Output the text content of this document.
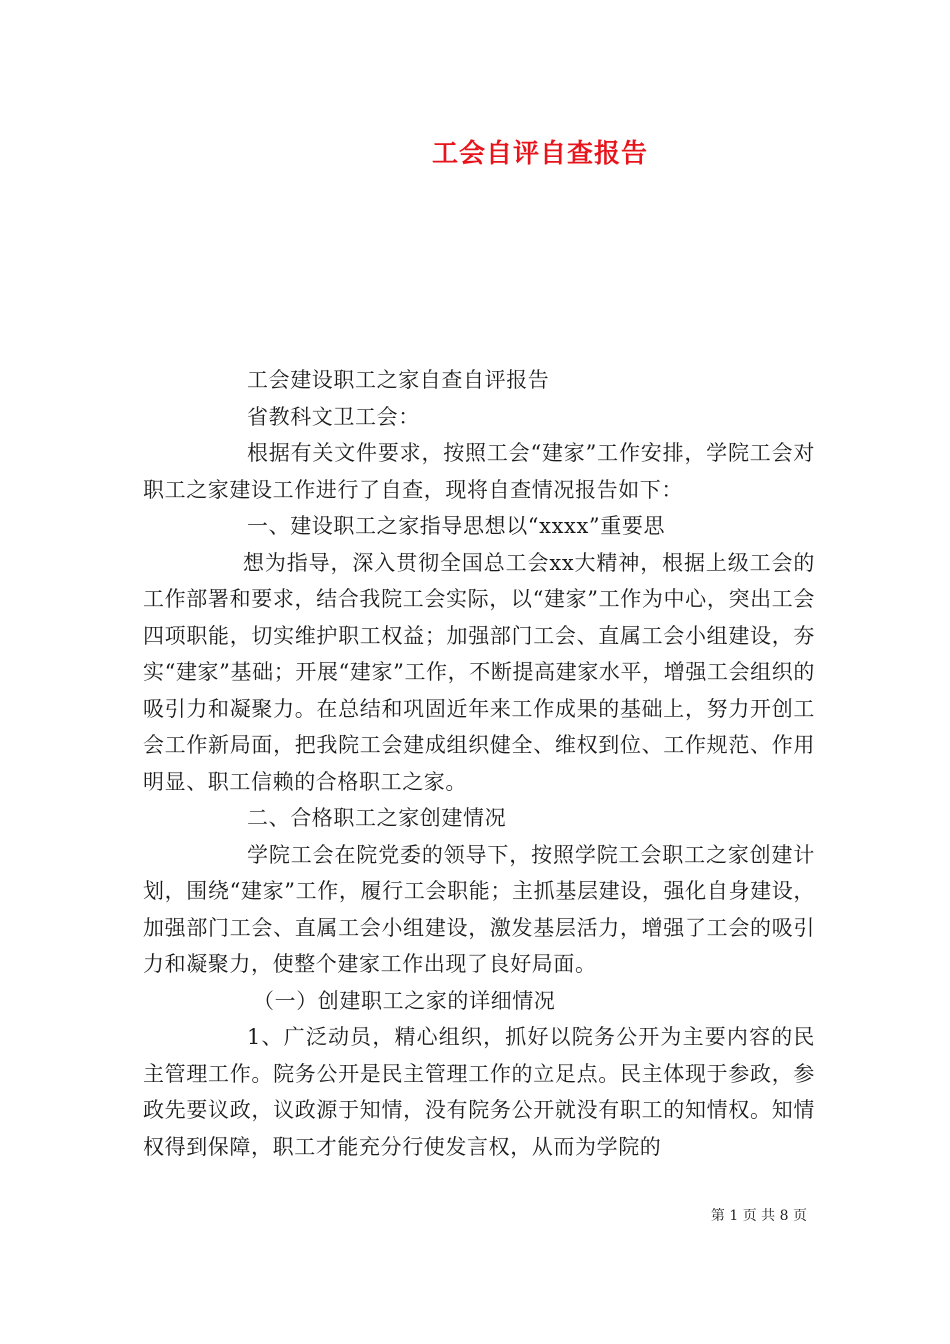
工会自评自查报告

工会建设职工之家自查自评报告

省教科文卫工会：

根据有关文件要求，按照工会“建家”工作安排，学院工会对职工之家建设工作进行了自查，现将自查情况报告如下：

一、建设职工之家指导思想以“xxxx”重要思

想为指导，深入贯彻全国总工会xx大精神，根据上级工会的工作部署和要求，结合我院工会实际，以“建家”工作为中心，突出工会四项职能，切实维护职工权益；加强部门工会、直属工会小组建设，夯实“建家”基础；开展“建家”工作，不断提高建家水平，增强工会组织的吸引力和凝聚力。在总结和巩固近年来工作成果的基础上，努力开创工会工作新局面，把我院工会建成组织健全、维权到位、工作规范、作用明显、职工信赖的合格职工之家。

二、合格职工之家创建情况

学院工会在院党委的领导下，按照学院工会职工之家创建计划，围绕“建家”工作，履行工会职能；主抓基层建设，强化自身建设，加强部门工会、直属工会小组建设，激发基层活力，增强了工会的吸引力和凝聚力，使整个建家工作出现了良好局面。

（一）创建职工之家的详细情况

1、广泛动员，精心组织，抓好以院务公开为主要内容的民主管理工作。院务公开是民主管理工作的立足点。民主体现于参政，参政先要议政，议政源于知情，没有院务公开就没有职工的知情权。知情权得到保障，职工才能充分行使发言权，从而为学院的

第 1 页 共 8 页
